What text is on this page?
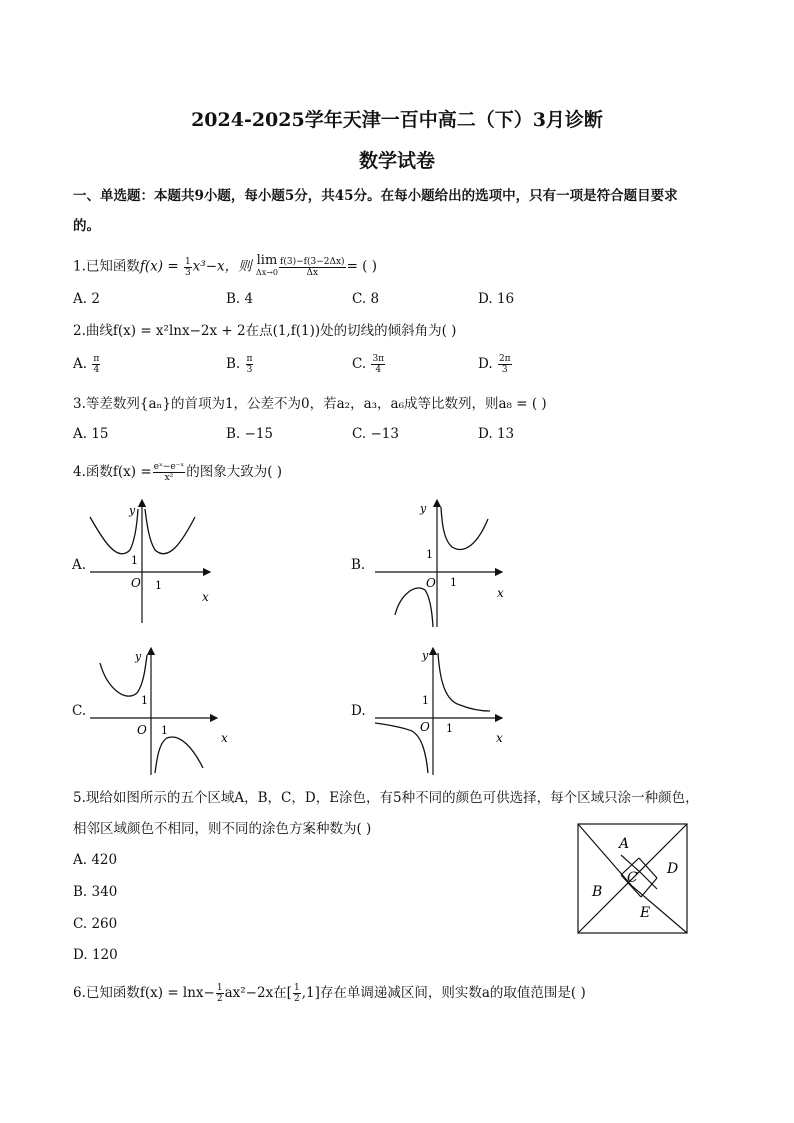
2024-2025学年天津一百中高二（下）3月诊断
数学试卷
一、单选题：本题共9小题，每小题5分，共45分。在每小题给出的选项中，只有一项是符合题目要求
的。
1.已知函数$f(x) = \frac{1}{3} x^3-x$，则 lim
$\Delta x\to 0 \frac{f(3)-f(3-2\Delta x)}{\Delta x}$ = ( )
A. 2	B. 4	C. 8	D. 16
2.曲线f(x) = x²lnx−2x + 2在点(1,f(1))处的切线的倾斜角为( )
A. $\frac{\pi}{4}$	B. $\frac{\pi}{3}$	C. $\frac{3\pi}{4}$	D. $\frac{2\pi}{3}$
3.等差数列{aₙ}的首项为1，公差不为0，若a₂，a₃，a₆成等比数列，则a₈ = ( )
A. 15	B. −15	C. −13	D. 13
4.函数$f(x) = \frac{\text{eˣ−e⁻ˣ}}{\text{x²}}$ 的图象大致为( )
A.
y
1
O 1
x
B.
y
1
O 1
x
C.
y
1
O 1
x
D.
y
1
O 1
x
5.现给如图所示的五个区域A，B，C，D，E涂色，有5种不同的颜色可供选择，每个区域只涂一种颜色，
相邻区域颜色不相同，则不同的涂色方案种数为( )
A. 420
B. 340
C. 260
D. 120
A
B
C
D
E
6.已知函数$f(x) = \ln x- \frac{1}{2} ax^2-2x$在[ $\frac{1}{2} ,1$]存在单调递减区间，则实数a的取值范围是( )
